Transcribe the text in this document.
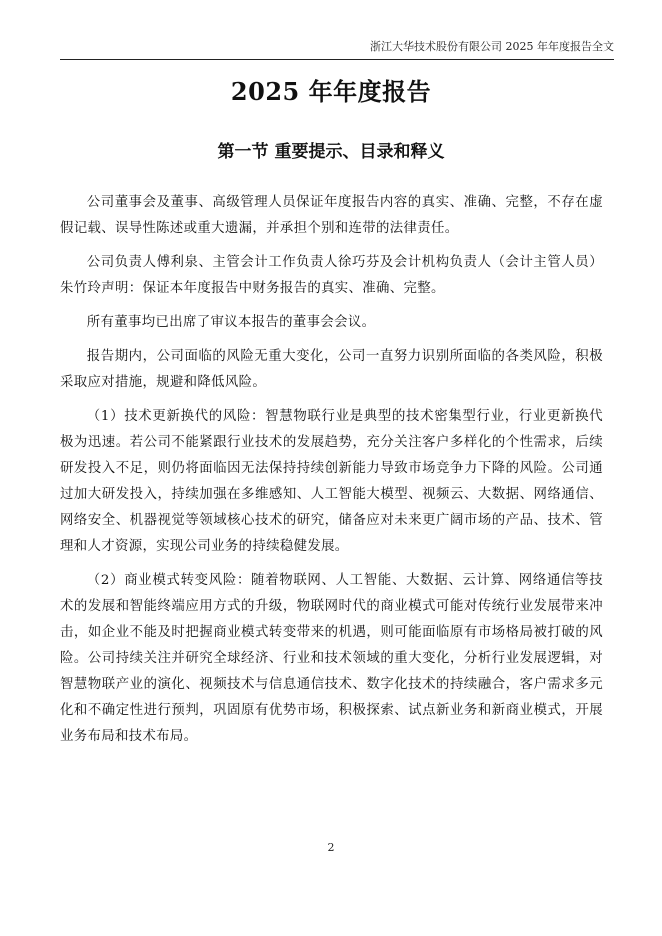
浙江大华技术股份有限公司 2025 年年度报告全文
2025 年年度报告
第一节 重要提示、目录和释义

公司董事会及董事、高级管理人员保证年度报告内容的真实、准确、完整，不存在虚假记载、误导性陈述或重大遗漏，并承担个别和连带的法律责任。

公司负责人傅利泉、主管会计工作负责人徐巧芬及会计机构负责人（会计主管人员）朱竹玲声明：保证本年度报告中财务报告的真实、准确、完整。

所有董事均已出席了审议本报告的董事会会议。

报告期内，公司面临的风险无重大变化，公司一直努力识别所面临的各类风险，积极采取应对措施，规避和降低风险。

（1）技术更新换代的风险：智慧物联行业是典型的技术密集型行业，行业更新换代极为迅速。若公司不能紧跟行业技术的发展趋势，充分关注客户多样化的个性需求，后续研发投入不足，则仍将面临因无法保持持续创新能力导致市场竞争力下降的风险。公司通过加大研发投入，持续加强在多维感知、人工智能大模型、视频云、大数据、网络通信、网络安全、机器视觉等领域核心技术的研究，储备应对未来更广阔市场的产品、技术、管理和人才资源，实现公司业务的持续稳健发展。

（2）商业模式转变风险：随着物联网、人工智能、大数据、云计算、网络通信等技术的发展和智能终端应用方式的升级，物联网时代的商业模式可能对传统行业发展带来冲击，如企业不能及时把握商业模式转变带来的机遇，则可能面临原有市场格局被打破的风险。公司持续关注并研究全球经济、行业和技术领域的重大变化，分析行业发展逻辑，对智慧物联产业的演化、视频技术与信息通信技术、数字化技术的持续融合，客户需求多元化和不确定性进行预判，巩固原有优势市场，积极探索、试点新业务和新商业模式，开展业务布局和技术布局。

2
